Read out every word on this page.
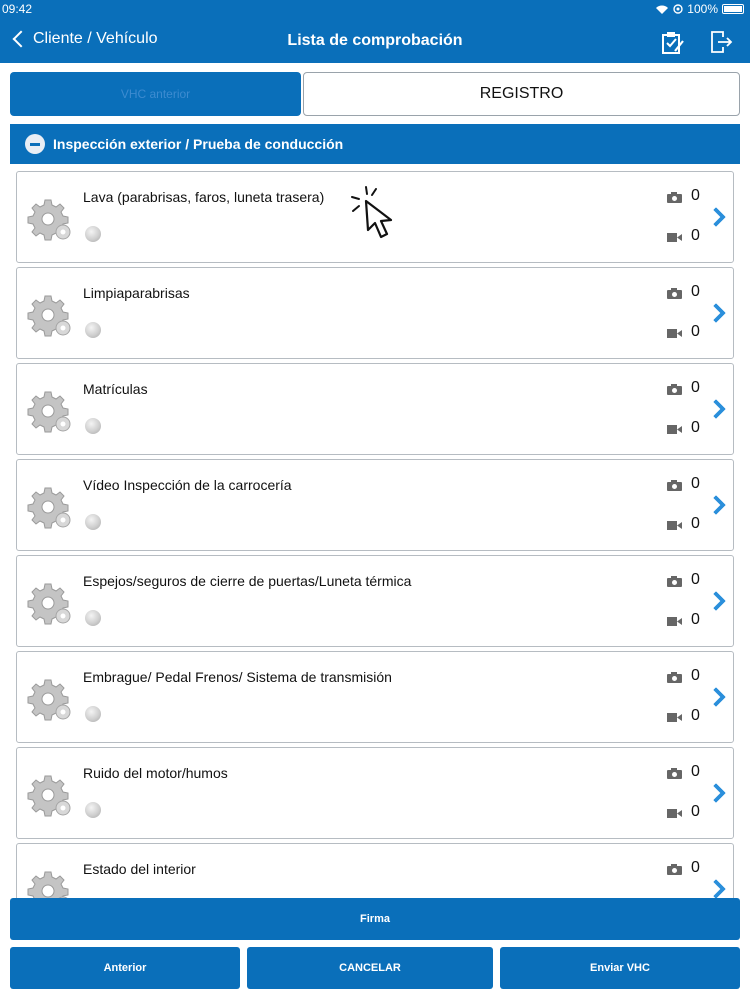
09:42	100%
Cliente / Vehículo	Lista de comprobación
VHC anterior	REGISTRO
Inspección exterior / Prueba de conducción
Lava (parabrisas, faros, luneta trasera)	0
0
Limpiaparabrisas	0
0
Matrículas	0
0
Vídeo Inspección de la carrocería	0
0
Espejos/seguros de cierre de puertas/Luneta térmica	0
0
Embrague/ Pedal Frenos/ Sistema de transmisión	0
0
Ruido del motor/humos	0
0
Estado del interior	0
Firma
Anterior	CANCELAR	Enviar VHC
